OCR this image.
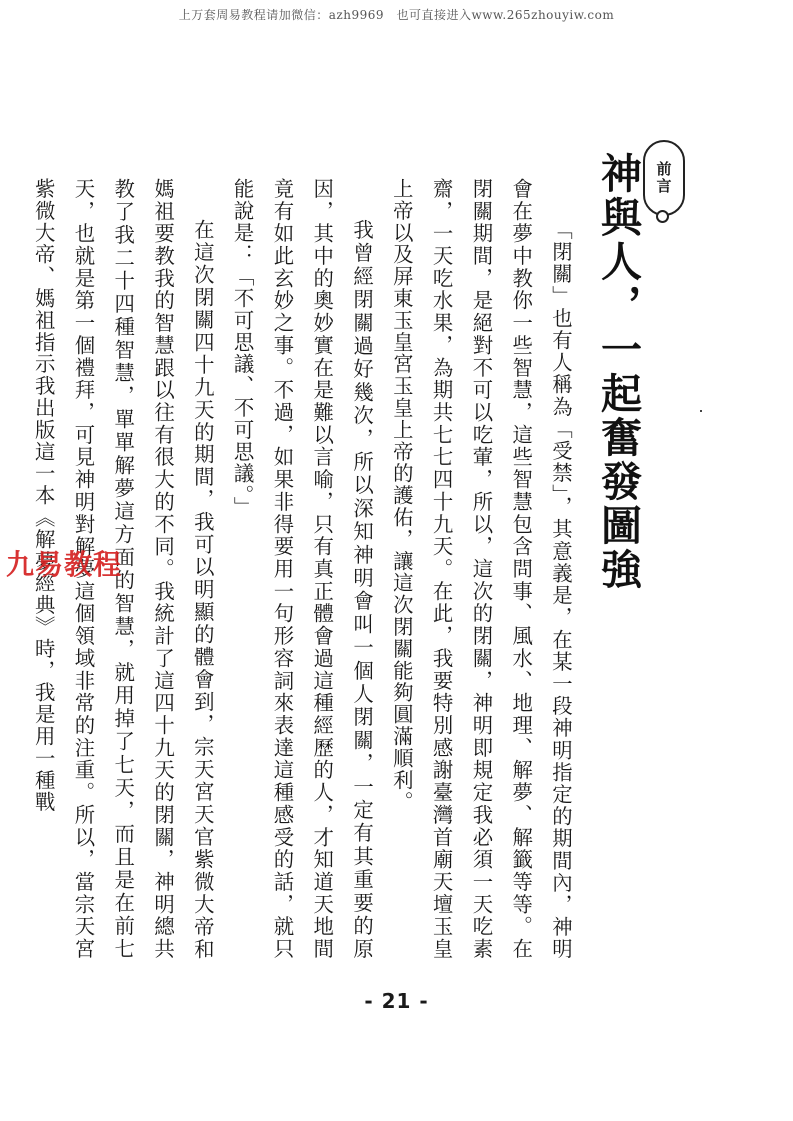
上万套周易教程请加微信：azh9969　也可直接进入www.265zhouyiw.com
前言
神與人，一起奮發圖強

「閉關」也有人稱為「受禁」，其意義是，在某一段神明指定的期間內，神明會在夢中教你一些智慧，這些智慧包含問事、風水、地理、解夢、解籤等等。在閉關期間，是絕對不可以吃葷，所以，這次的閉關，神明即規定我必須一天吃素齋，一天吃水果，為期共七七四十九天。在此，我要特別感謝臺灣首廟天壇玉皇上帝以及屏東玉皇宮玉皇上帝的護佑，讓這次閉關能夠圓滿順利。

我曾經閉關過好幾次，所以深知神明會叫一個人閉關，一定有其重要的原因，其中的奧妙實在是難以言喻，只有真正體會過這種經歷的人，才知道天地間竟有如此玄妙之事。不過，如果非得要用一句形容詞來表達這種感受的話，就只能說是：「不可思議、不可思議。」

在這次閉關四十九天的期間，我可以明顯的體會到，宗天宮天官紫微大帝和媽祖要教我的智慧跟以往有很大的不同。我統計了這四十九天的閉關，神明總共教了我二十四種智慧，單單解夢這方面的智慧，就用掉了七天，而且是在前七天，也就是第一個禮拜，可見神明對解夢這個領域非常的注重。所以，當宗天宮紫微大帝、媽祖指示我出版這一本《解夢經典》時，我是用一種戰

九易教程
- 21 -
